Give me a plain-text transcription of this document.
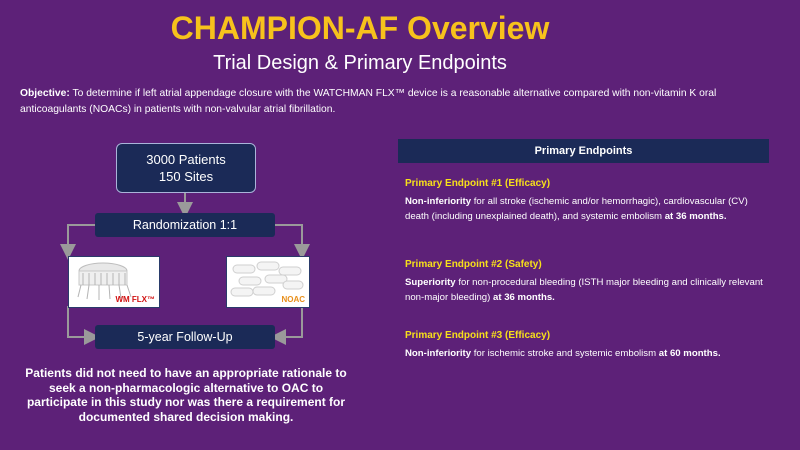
CHAMPION-AF Overview
Trial Design & Primary Endpoints
Objective: To determine if left atrial appendage closure with the WATCHMAN FLX™ device is a reasonable alternative compared with non-vitamin K oral anticoagulants (NOACs) in patients with non-valvular atrial fibrillation.
3000 Patients
150 Sites
Randomization 1:1
WM FLX™	NOAC
5-year Follow-Up
Patients did not need to have an appropriate rationale to seek a non-pharmacologic alternative to OAC to participate in this study nor was there a requirement for documented shared decision making.
Primary Endpoints
Primary Endpoint #1 (Efficacy)
Non-inferiority for all stroke (ischemic and/or hemorrhagic), cardiovascular (CV) death (including unexplained death), and systemic embolism at 36 months.
Primary Endpoint #2 (Safety)
Superiority for non-procedural bleeding (ISTH major bleeding and clinically relevant non-major bleeding) at 36 months.
Primary Endpoint #3 (Efficacy)
Non-inferiority for ischemic stroke and systemic embolism at 60 months.
